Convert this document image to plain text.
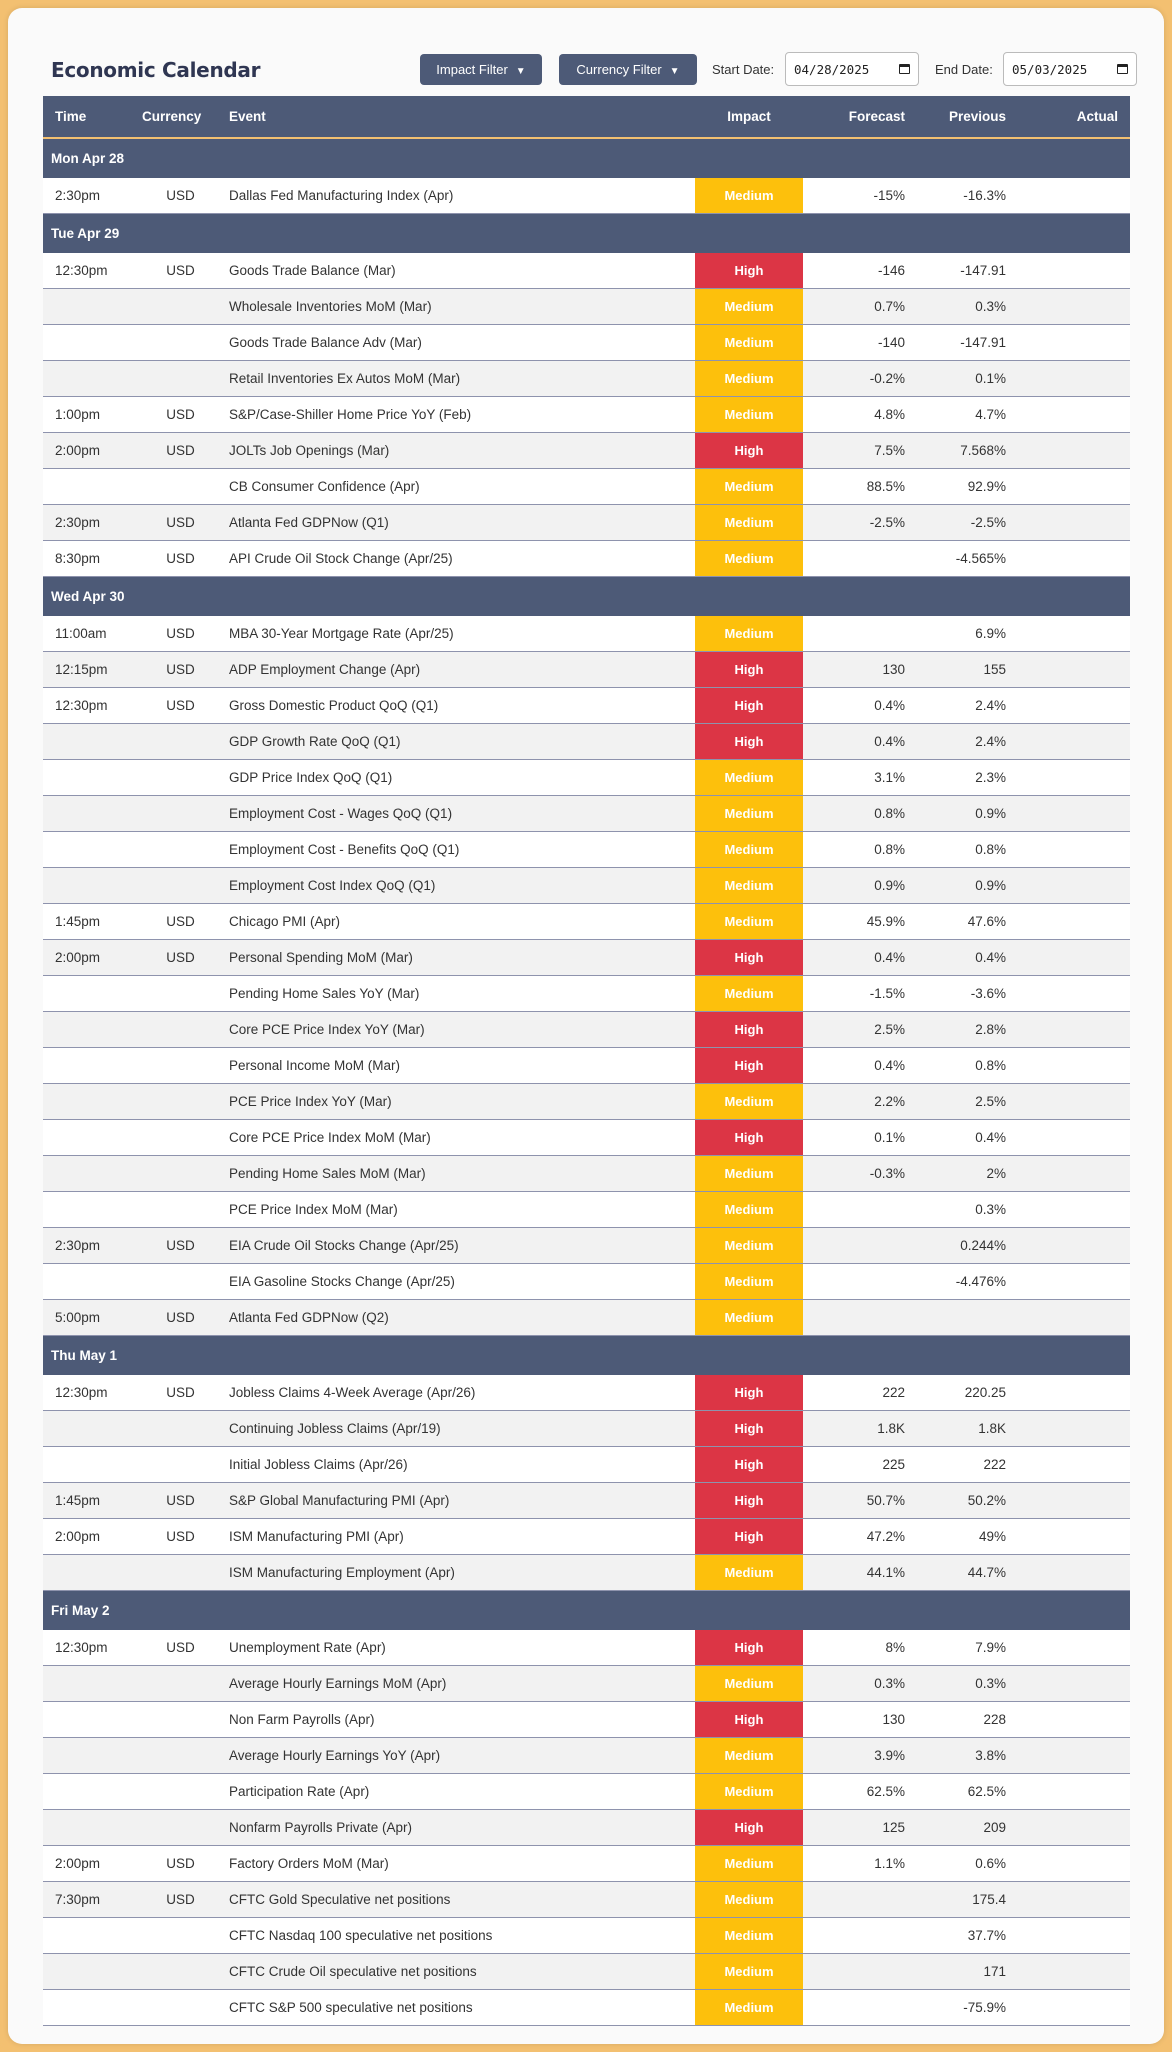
Economic Calendar	Impact Filter ▼	Currency Filter ▼	Start Date:	04/28/2025	End Date:	05/03/2025
Time	Currency	Event	Impact	Forecast	Previous	Actual
Mon Apr 28						
2:30pm	USD	Dallas Fed Manufacturing Index (Apr)	Medium	-15%	-16.3%	
Tue Apr 29						
12:30pm	USD	Goods Trade Balance (Mar)	High	-146	-147.91	
		Wholesale Inventories MoM (Mar)	Medium	0.7%	0.3%	
		Goods Trade Balance Adv (Mar)	Medium	-140	-147.91	
		Retail Inventories Ex Autos MoM (Mar)	Medium	-0.2%	0.1%	
1:00pm	USD	S&P/Case-Shiller Home Price YoY (Feb)	Medium	4.8%	4.7%	
2:00pm	USD	JOLTs Job Openings (Mar)	High	7.5%	7.568%	
		CB Consumer Confidence (Apr)	Medium	88.5%	92.9%	
2:30pm	USD	Atlanta Fed GDPNow (Q1)	Medium	-2.5%	-2.5%	
8:30pm	USD	API Crude Oil Stock Change (Apr/25)	Medium		-4.565%	
Wed Apr 30						
11:00am	USD	MBA 30-Year Mortgage Rate (Apr/25)	Medium		6.9%	
12:15pm	USD	ADP Employment Change (Apr)	High	130	155	
12:30pm	USD	Gross Domestic Product QoQ (Q1)	High	0.4%	2.4%	
		GDP Growth Rate QoQ (Q1)	High	0.4%	2.4%	
		GDP Price Index QoQ (Q1)	Medium	3.1%	2.3%	
		Employment Cost - Wages QoQ (Q1)	Medium	0.8%	0.9%	
		Employment Cost - Benefits QoQ (Q1)	Medium	0.8%	0.8%	
		Employment Cost Index QoQ (Q1)	Medium	0.9%	0.9%	
1:45pm	USD	Chicago PMI (Apr)	Medium	45.9%	47.6%	
2:00pm	USD	Personal Spending MoM (Mar)	High	0.4%	0.4%	
		Pending Home Sales YoY (Mar)	Medium	-1.5%	-3.6%	
		Core PCE Price Index YoY (Mar)	High	2.5%	2.8%	
		Personal Income MoM (Mar)	High	0.4%	0.8%	
		PCE Price Index YoY (Mar)	Medium	2.2%	2.5%	
		Core PCE Price Index MoM (Mar)	High	0.1%	0.4%	
		Pending Home Sales MoM (Mar)	Medium	-0.3%	2%	
		PCE Price Index MoM (Mar)	Medium		0.3%	
2:30pm	USD	EIA Crude Oil Stocks Change (Apr/25)	Medium		0.244%	
		EIA Gasoline Stocks Change (Apr/25)	Medium		-4.476%	
5:00pm	USD	Atlanta Fed GDPNow (Q2)	Medium			
Thu May 1						
12:30pm	USD	Jobless Claims 4-Week Average (Apr/26)	High	222	220.25	
		Continuing Jobless Claims (Apr/19)	High	1.8K	1.8K	
		Initial Jobless Claims (Apr/26)	High	225	222	
1:45pm	USD	S&P Global Manufacturing PMI (Apr)	High	50.7%	50.2%	
2:00pm	USD	ISM Manufacturing PMI (Apr)	High	47.2%	49%	
		ISM Manufacturing Employment (Apr)	Medium	44.1%	44.7%	
Fri May 2						
12:30pm	USD	Unemployment Rate (Apr)	High	8%	7.9%	
		Average Hourly Earnings MoM (Apr)	Medium	0.3%	0.3%	
		Non Farm Payrolls (Apr)	High	130	228	
		Average Hourly Earnings YoY (Apr)	Medium	3.9%	3.8%	
		Participation Rate (Apr)	Medium	62.5%	62.5%	
		Nonfarm Payrolls Private (Apr)	High	125	209	
2:00pm	USD	Factory Orders MoM (Mar)	Medium	1.1%	0.6%	
7:30pm	USD	CFTC Gold Speculative net positions	Medium		175.4	
		CFTC Nasdaq 100 speculative net positions	Medium		37.7%	
		CFTC Crude Oil speculative net positions	Medium		171	
		CFTC S&P 500 speculative net positions	Medium		-75.9%	
